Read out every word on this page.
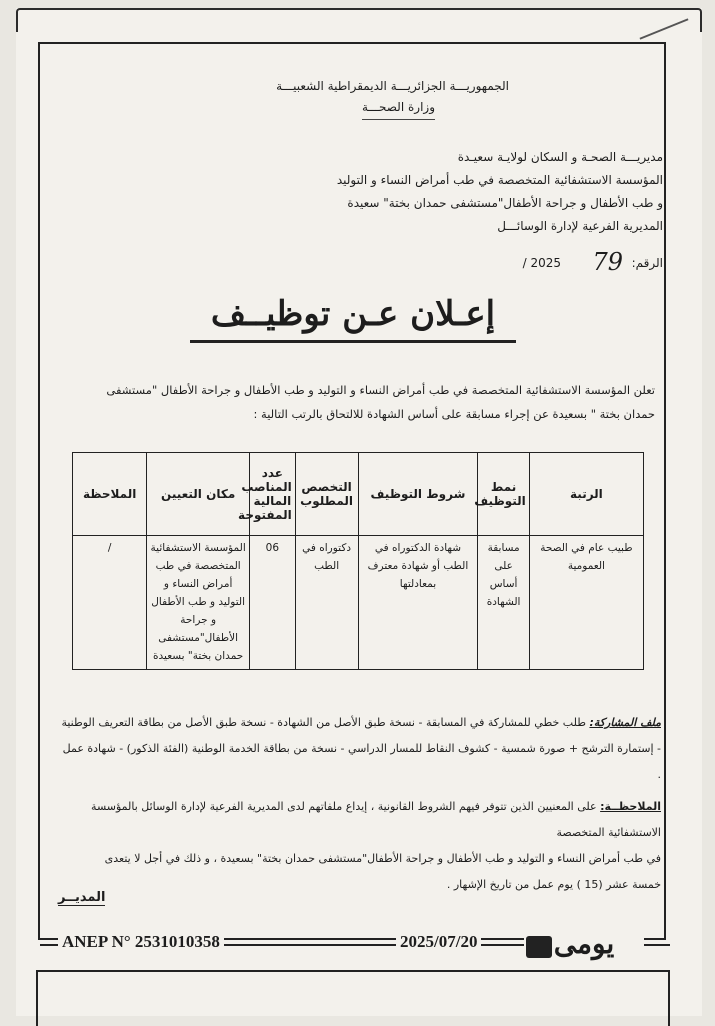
الجمهوريـــة الجزائريـــة الديمقراطية الشعبيـــة
وزارة الصحـــة
مديريـــة الصحـة و السكان لولايـة سعيـدة
المؤسسة الاستشفائية المتخصصة في طب أمراض النساء و التوليد
و طب الأطفال و جراحة الأطفال"مستشفى حمدان بختة" سعيدة
المديرية الفرعية لإدارة الوسائـــل
الرقم:
79
2025 /
إعـلان عـن توظيــف
تعلن المؤسسة الاستشفائية المتخصصة في طب أمراض النساء و التوليد و طب الأطفال و جراحة الأطفال "مستشفى حمدان بختة " بسعيدة عن إجراء مسابقة على أساس الشهادة للالتحاق بالرتب التالية :
الرتبة	نمط التوظيف	شروط التوظيف	التخصص المطلوب	عدد المناصب المالية المفتوحة	مكان التعيين	الملاحظة
طبيب عام في الصحة العمومية	مسابقة على أساس الشهادة	شهادة الدكتوراه في الطب أو شهادة معترف بمعادلتها	دكتوراه في الطب	06	المؤسسة الاستشفائية المتخصصة في طب أمراض النساء و التوليد و طب الأطفال و جراحة الأطفال"مستشفى حمدان بختة" بسعيدة	/
ملف المشاركة: طلب خطي للمشاركة في المسابقة - نسخة طبق الأصل من الشهادة - نسخة طبق الأصل من بطاقة التعريف الوطنية
- إستمارة الترشح + صورة شمسية - كشوف النقاط للمسار الدراسي - نسخة من بطاقة الخدمة الوطنية (الفئة الذكور) - شهادة عمل .
الملاحظــة: على المعنيين الذين تتوفر فيهم الشروط القانونية ، إيداع ملفاتهم لدى المديرية الفرعية لإدارة الوسائل بالمؤسسة الاستشفائية المتخصصة
في طب أمراض النساء و التوليد و طب الأطفال و جراحة الأطفال"مستشفى حمدان بختة" بسعيدة ، و ذلك في أجل لا يتعدى
خمسة عشر (15 ) يوم عمل من تاريخ الإشهار .
المديــر
ANEP N° 2531010358	2025/07/20	يومى
